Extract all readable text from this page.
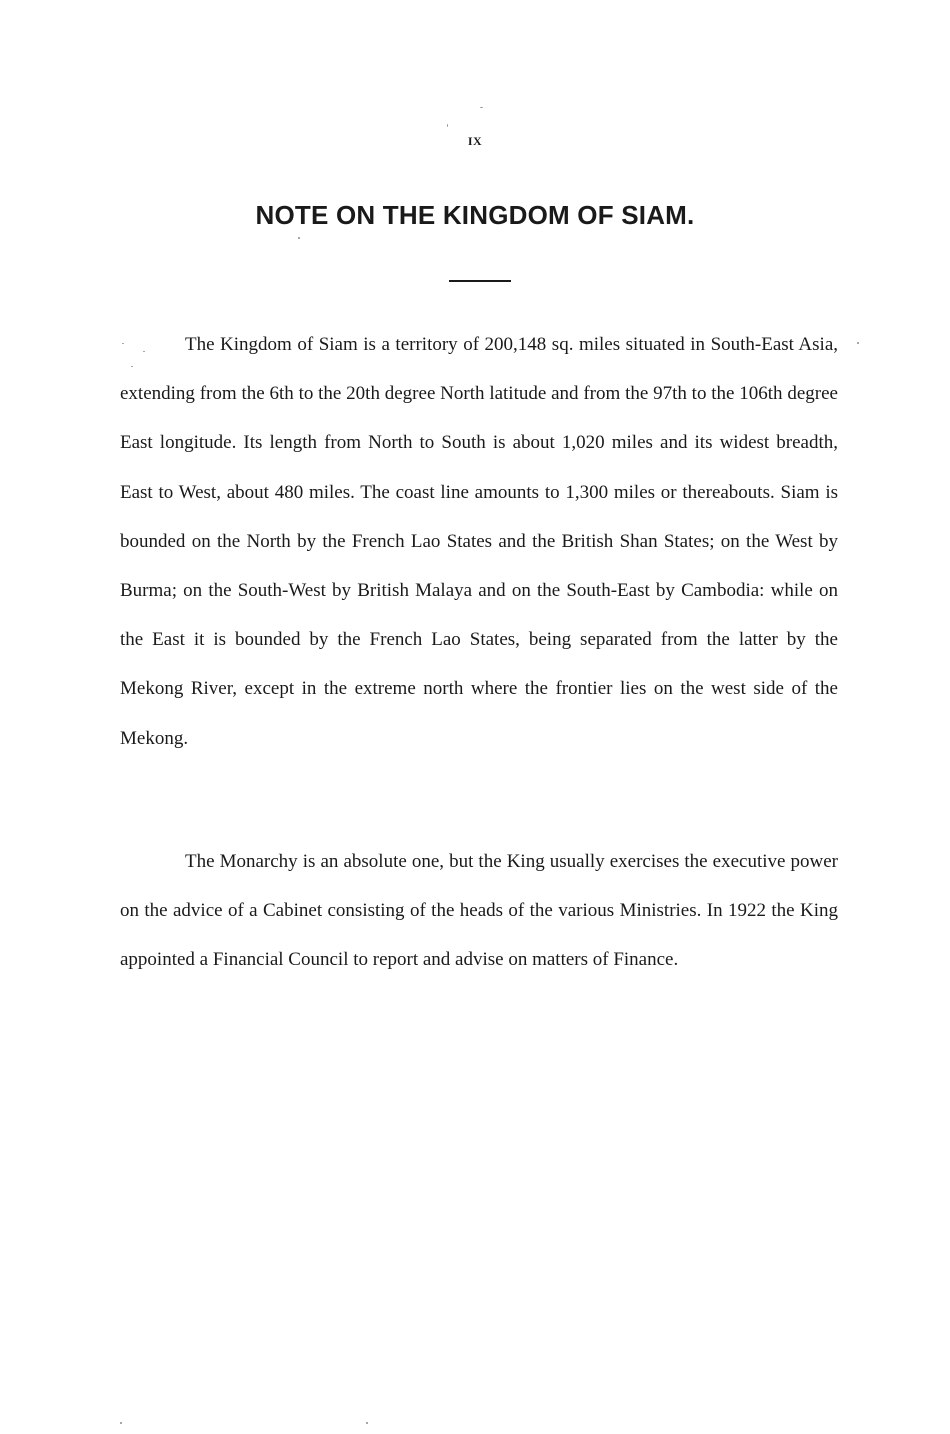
IX
NOTE ON THE KINGDOM OF SIAM.

The Kingdom of Siam is a territory of 200,148 sq. miles situated in South-East Asia, extending from the 6th to the 20th degree North latitude and from the 97th to the 106th degree East longitude. Its length from North to South is about 1,020 miles and its widest breadth, East to West, about 480 miles. The coast line amounts to 1,300 miles or thereabouts. Siam is bounded on the North by the French Lao States and the British Shan States; on the West by Burma; on the South-West by British Malaya and on the South-East by Cambodia: while on the East it is bounded by the French Lao States, being separated from the latter by the Mekong River, except in the extreme north where the frontier lies on the west side of the Mekong.

The Monarchy is an absolute one, but the King usually exercises the executive power on the advice of a Cabinet consisting of the heads of the various Ministries. In 1922 the King appointed a Financial Council to report and advise on matters of Finance.
